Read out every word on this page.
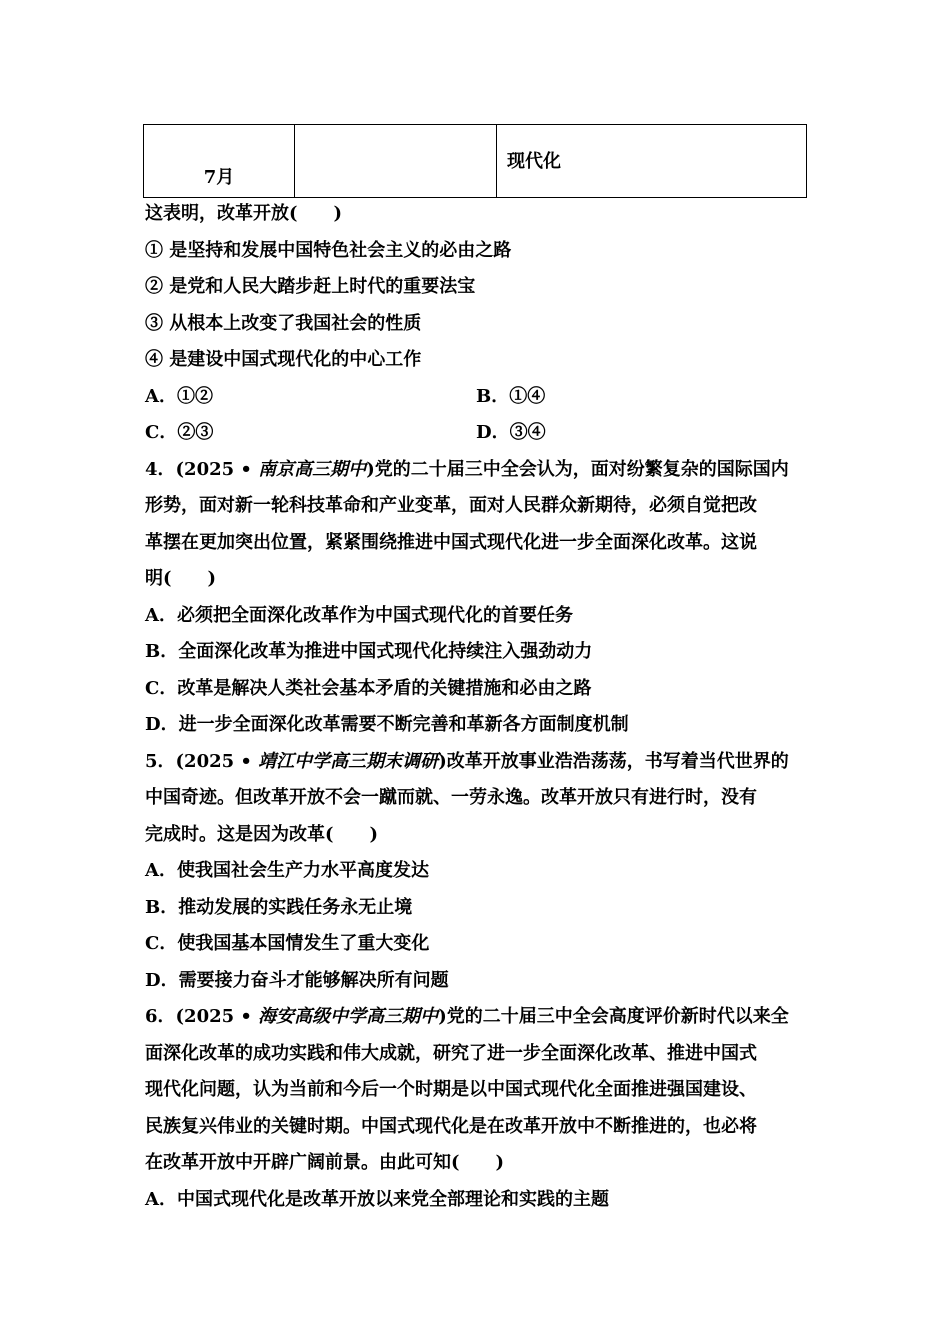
7月		现代化
这表明，改革开放(　　)
① 是坚持和发展中国特色社会主义的必由之路
② 是党和人民大踏步赶上时代的重要法宝
③ 从根本上改变了我国社会的性质
④ 是建设中国式现代化的中心工作
A．①②	B．①④
C．②③	D．③④
4．(2025 • 南京高三期中)党的二十届三中全会认为，面对纷繁复杂的国际国内
形势，面对新一轮科技革命和产业变革，面对人民群众新期待，必须自觉把改
革摆在更加突出位置，紧紧围绕推进中国式现代化进一步全面深化改革。这说
明(　　)
A．必须把全面深化改革作为中国式现代化的首要任务
B．全面深化改革为推进中国式现代化持续注入强劲动力
C．改革是解决人类社会基本矛盾的关键措施和必由之路
D．进一步全面深化改革需要不断完善和革新各方面制度机制
5．(2025 • 靖江中学高三期末调研)改革开放事业浩浩荡荡，书写着当代世界的
中国奇迹。但改革开放不会一蹴而就、一劳永逸。改革开放只有进行时，没有
完成时。这是因为改革(　　)
A．使我国社会生产力水平高度发达
B．推动发展的实践任务永无止境
C．使我国基本国情发生了重大变化
D．需要接力奋斗才能够解决所有问题
6．(2025 • 海安高级中学高三期中)党的二十届三中全会高度评价新时代以来全
面深化改革的成功实践和伟大成就，研究了进一步全面深化改革、推进中国式
现代化问题，认为当前和今后一个时期是以中国式现代化全面推进强国建设、
民族复兴伟业的关键时期。中国式现代化是在改革开放中不断推进的，也必将
在改革开放中开辟广阔前景。由此可知(　　)
A．中国式现代化是改革开放以来党全部理论和实践的主题
